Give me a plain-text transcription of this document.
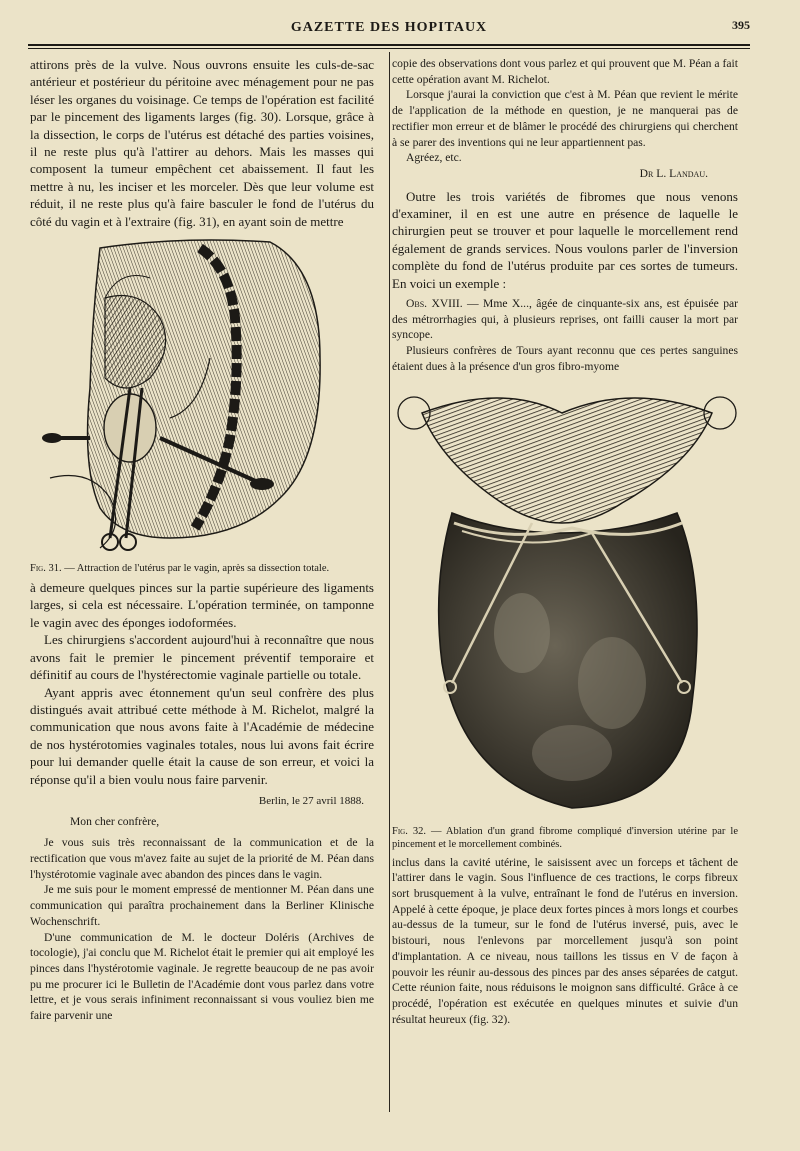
GAZETTE DES HOPITAUX	395

attirons près de la vulve. Nous ouvrons ensuite les culs-de-sac antérieur et postérieur du péritoine avec ménagement pour ne pas léser les organes du voisinage. Ce temps de l'opération est facilité par le pincement des ligaments larges (fig. 30). Lorsque, grâce à la dissection, le corps de l'utérus est détaché des parties voisines, il ne reste plus qu'à l'attirer au dehors. Mais les masses qui composent la tumeur empêchent cet abaissement. Il faut les mettre à nu, les inciser et les morceler. Dès que leur volume est réduit, il ne reste plus qu'à faire basculer le fond de l'utérus du côté du vagin et à l'extraire (fig. 31), en ayant soin de mettre

Fig. 31. — Attraction de l'utérus par le vagin, après sa dissection totale.

à demeure quelques pinces sur la partie supérieure des ligaments larges, si cela est nécessaire. L'opération terminée, on tamponne le vagin avec des éponges iodoformées.

Les chirurgiens s'accordent aujourd'hui à reconnaître que nous avons fait le premier le pincement préventif temporaire et définitif au cours de l'hystérectomie vaginale partielle ou totale.

Ayant appris avec étonnement qu'un seul confrère des plus distingués avait attribué cette méthode à M. Richelot, malgré la communication que nous avons faite à l'Académie de médecine de nos hystérotomies vaginales totales, nous lui avons fait écrire pour lui demander quelle était la cause de son erreur, et voici la réponse qu'il a bien voulu nous faire parvenir.

Berlin, le 27 avril 1888.

Mon cher confrère,

Je vous suis très reconnaissant de la communication et de la rectification que vous m'avez faite au sujet de la priorité de M. Péan dans l'hystérotomie vaginale avec abandon des pinces dans le vagin.

Je me suis pour le moment empressé de mentionner M. Péan dans une communication qui paraîtra prochainement dans la Berliner Klinische Wochenschrift.

D'une communication de M. le docteur Doléris (Archives de tocologie), j'ai conclu que M. Richelot était le premier qui ait employé les pinces dans l'hystérotomie vaginale. Je regrette beaucoup de ne pas avoir pu me procurer ici le Bulletin de l'Académie dont vous parlez dans votre lettre, et je vous serais infiniment reconnaissant si vous vouliez bien me faire parvenir une

copie des observations dont vous parlez et qui prouvent que M. Péan a fait cette opération avant M. Richelot.

Lorsque j'aurai la conviction que c'est à M. Péan que revient le mérite de l'application de la méthode en question, je ne manquerai pas de rectifier mon erreur et de blâmer le procédé des chirurgiens qui cherchent à se parer des inventions qui ne leur appartiennent pas.

Agréez, etc.

Dr L. Landau.

Outre les trois variétés de fibromes que nous venons d'examiner, il en est une autre en présence de laquelle le chirurgien peut se trouver et pour laquelle le morcellement rend également de grands services. Nous voulons parler de l'inversion complète du fond de l'utérus produite par ces sortes de tumeurs. En voici un exemple :

Obs. XVIII. — Mme X..., âgée de cinquante-six ans, est épuisée par des métrorrhagies qui, à plusieurs reprises, ont failli causer la mort par syncope.

Plusieurs confrères de Tours ayant reconnu que ces pertes sanguines étaient dues à la présence d'un gros fibro-myome

Fig. 32. — Ablation d'un grand fibrome compliqué d'inversion utérine par le pincement et le morcellement combinés.

inclus dans la cavité utérine, le saisissent avec un forceps et tâchent de l'attirer dans le vagin. Sous l'influence de ces tractions, le corps fibreux sort brusquement à la vulve, entraînant le fond de l'utérus en inversion. Appelé à cette époque, je place deux fortes pinces à mors longs et courbes au-dessus de la tumeur, sur le fond de l'utérus inversé, puis, avec le bistouri, nous l'enlevons par morcellement jusqu'à son point d'implantation. A ce niveau, nous taillons les tissus en V de façon à pouvoir les réunir au-dessous des pinces par des anses séparées de catgut. Cette réunion faite, nous réduisons le moignon sans difficulté. Grâce à ce procédé, l'opération est exécutée en quelques minutes et suivie d'un résultat heureux (fig. 32).
